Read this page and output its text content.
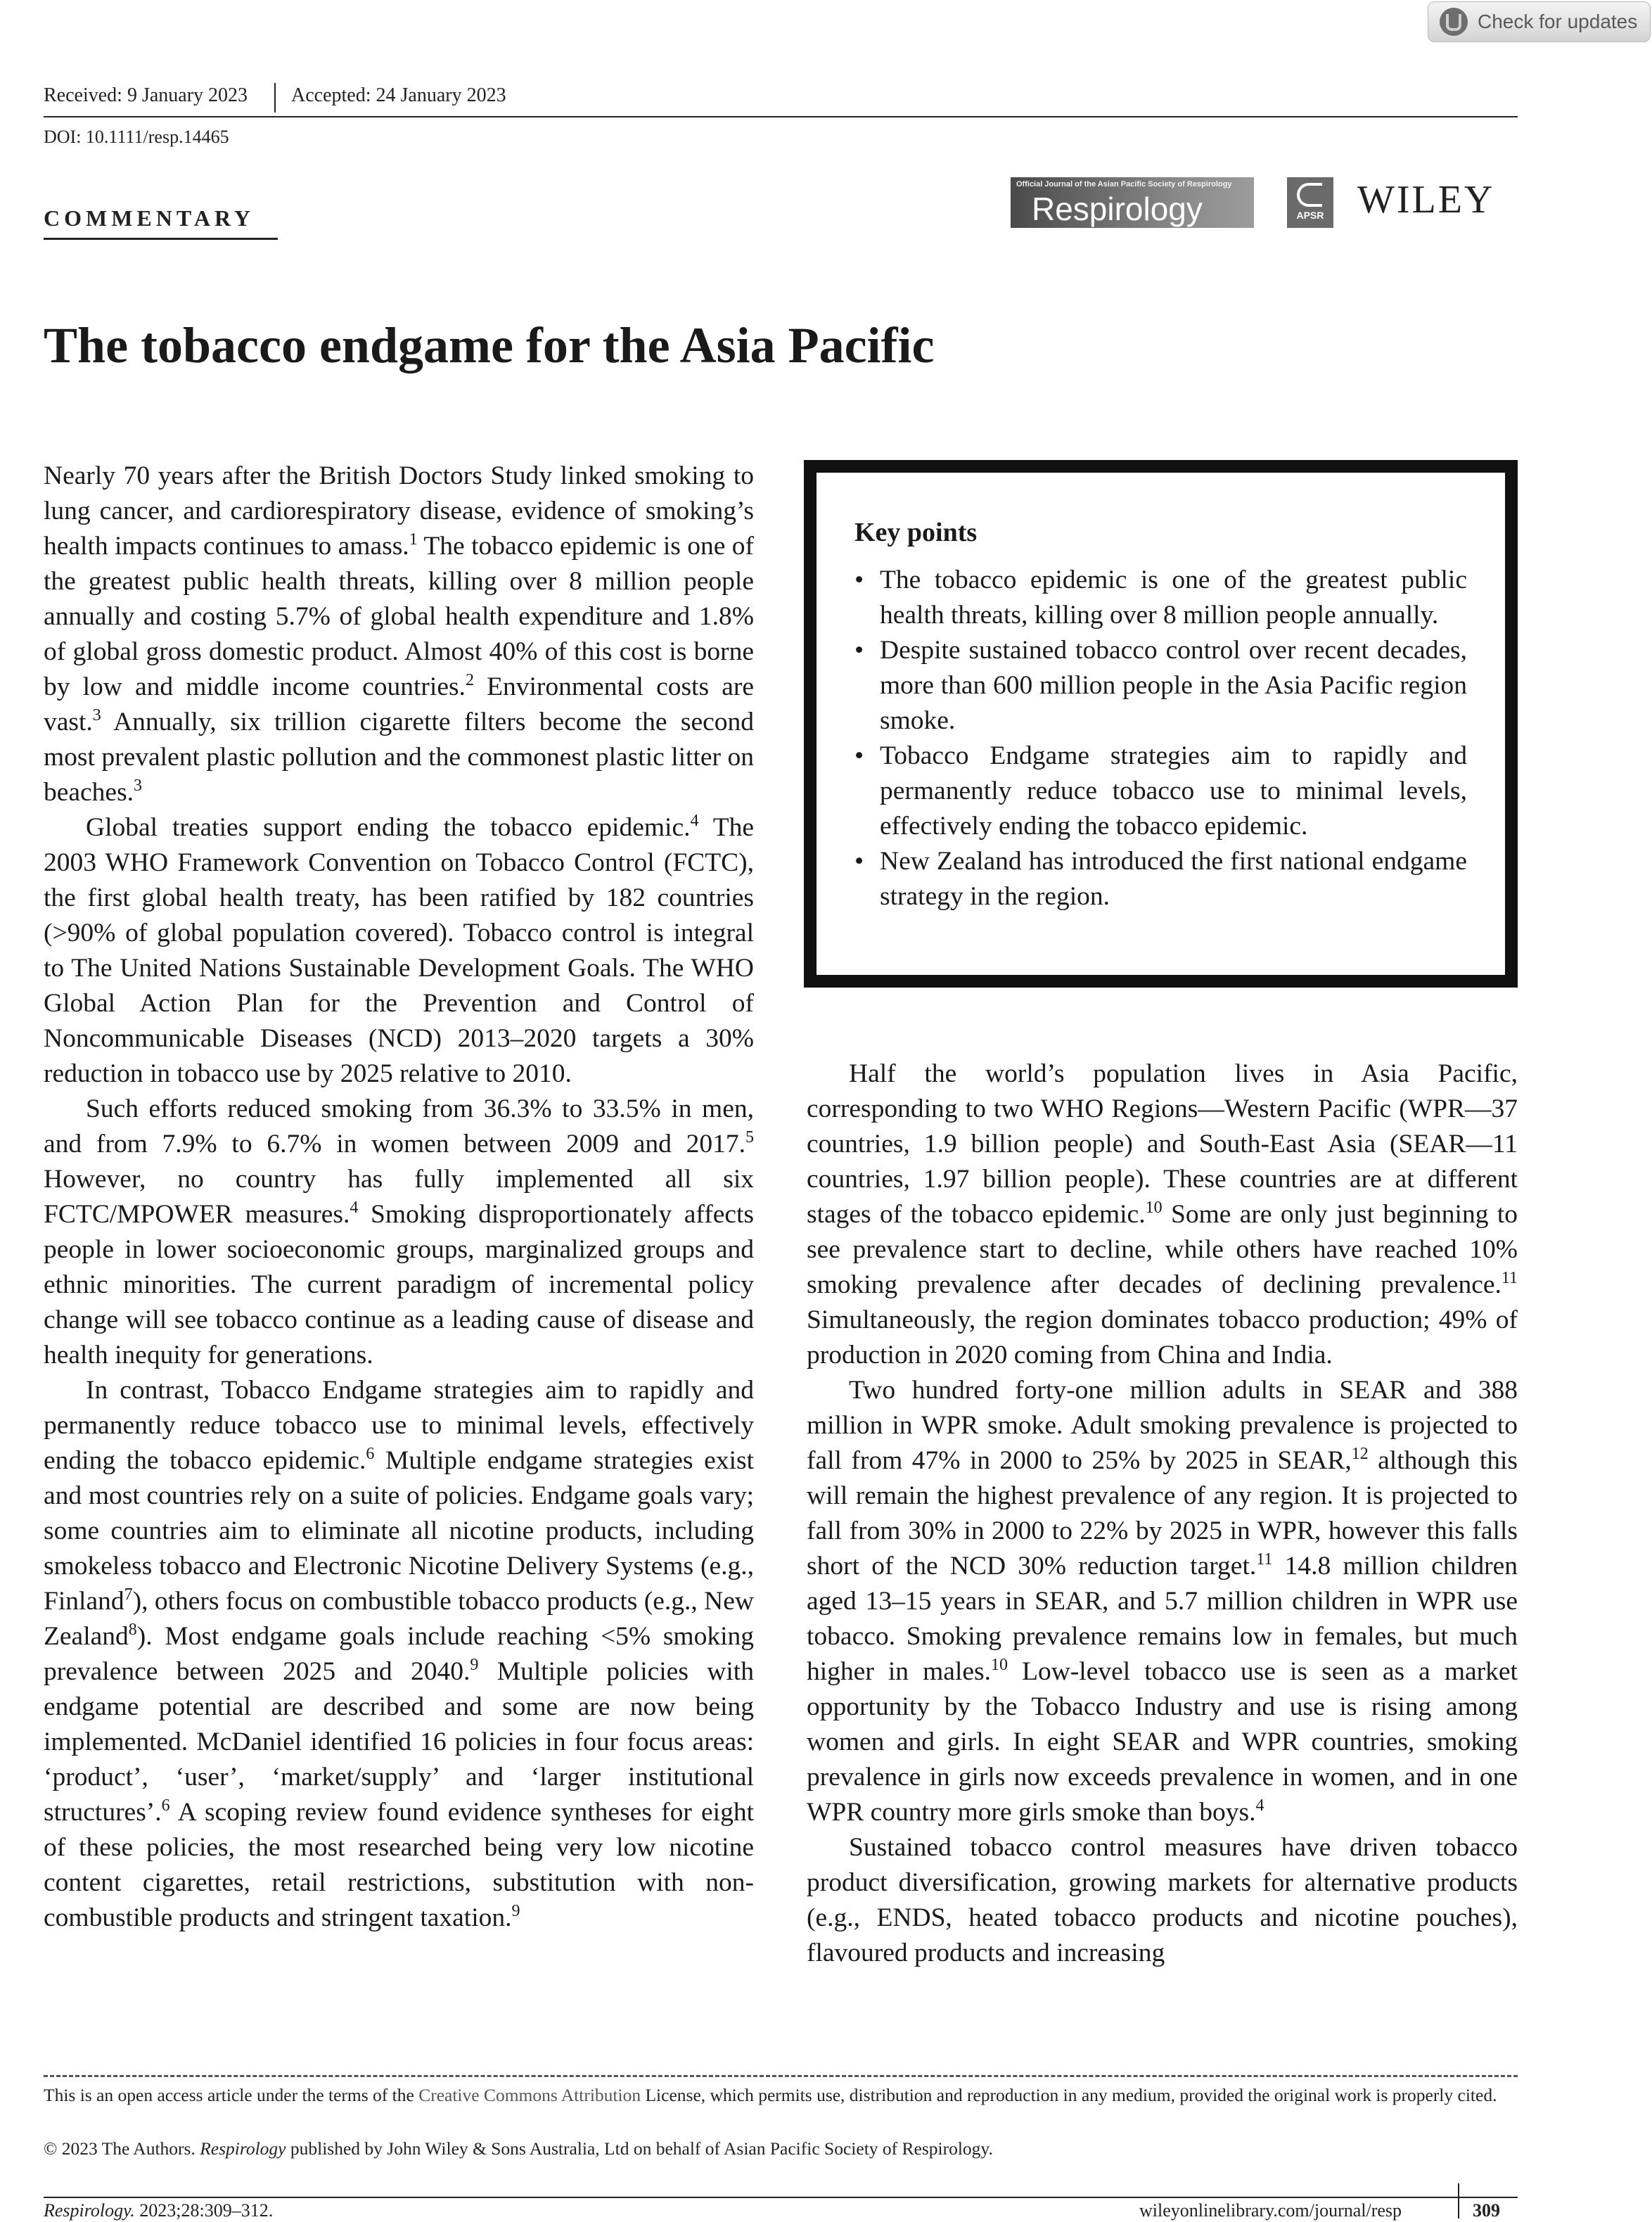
Check for updates
Received: 9 January 2023 Accepted: 24 January 2023
DOI: 10.1111/resp.14465
COMMENTARY
Official Journal of the Asian Pacific Society of Respirology
Respirology	APSR WILEY
The tobacco endgame for the Asia Pacific

Nearly 70 years after the British Doctors Study linked smoking to lung cancer, and cardiorespiratory disease, evidence of smoking’s health impacts continues to amass.$^1$ The tobacco epidemic is one of the greatest public health threats, killing over 8 million people annually and costing 5.7% of global health expenditure and 1.8% of global gross domestic product. Almost 40% of this cost is borne by low and middle income countries.$^2$ Environmental costs are vast.$^3$ Annually, six trillion cigarette filters become the second most prevalent plastic pollution and the commonest plastic litter on beaches.$^3$

Global treaties support ending the tobacco epidemic.$^4$ The 2003 WHO Framework Convention on Tobacco Control (FCTC), the first global health treaty, has been ratified by 182 countries (>90% of global population covered). Tobacco control is integral to The United Nations Sustainable Development Goals. The WHO Global Action Plan for the Prevention and Control of Noncommunicable Diseases (NCD) 2013–2020 targets a 30% reduction in tobacco use by 2025 relative to 2010.

Such efforts reduced smoking from 36.3% to 33.5% in men, and from 7.9% to 6.7% in women between 2009 and 2017.$^5$ However, no country has fully implemented all six FCTC/MPOWER measures.$^4$ Smoking disproportionately affects people in lower socioeconomic groups, marginalized groups and ethnic minorities. The current paradigm of incremental policy change will see tobacco continue as a leading cause of disease and health inequity for generations.

In contrast, Tobacco Endgame strategies aim to rapidly and permanently reduce tobacco use to minimal levels, effectively ending the tobacco epidemic.$^6$ Multiple endgame strategies exist and most countries rely on a suite of policies. Endgame goals vary; some countries aim to eliminate all nicotine products, including smokeless tobacco and Electronic Nicotine Delivery Systems (e.g., Finland$^7$), others focus on combustible tobacco products (e.g., New Zealand$^8$). Most endgame goals include reaching <5% smoking prevalence between 2025 and 2040.$^9$ Multiple policies with endgame potential are described and some are now being implemented. McDaniel identified 16 policies in four focus areas: ‘product’, ‘user’, ‘market/supply’ and ‘larger institutional structures’.$^6$ A scoping review found evidence syntheses for eight of these policies, the most researched being very low nicotine content cigarettes, retail restrictions, substitution with non-combustible products and stringent taxation.$^9$

Key points
• The tobacco epidemic is one of the greatest public health threats, killing over 8 million people annually.
• Despite sustained tobacco control over recent decades, more than 600 million people in the Asia Pacific region smoke.
• Tobacco Endgame strategies aim to rapidly and permanently reduce tobacco use to minimal levels, effectively ending the tobacco epidemic.
• New Zealand has introduced the first national endgame strategy in the region.

Half the world’s population lives in Asia Pacific, corresponding to two WHO Regions—Western Pacific (WPR—37 countries, 1.9 billion people) and South-East Asia (SEAR—11 countries, 1.97 billion people). These countries are at different stages of the tobacco epidemic.$^{10}$ Some are only just beginning to see prevalence start to decline, while others have reached 10% smoking prevalence after decades of declining prevalence.$^{11}$ Simultaneously, the region dominates tobacco production; 49% of production in 2020 coming from China and India.

Two hundred forty-one million adults in SEAR and 388 million in WPR smoke. Adult smoking prevalence is projected to fall from 47% in 2000 to 25% by 2025 in SEAR,$^{12}$ although this will remain the highest prevalence of any region. It is projected to fall from 30% in 2000 to 22% by 2025 in WPR, however this falls short of the NCD 30% reduction target.$^{11}$ 14.8 million children aged 13–15 years in SEAR, and 5.7 million children in WPR use tobacco. Smoking prevalence remains low in females, but much higher in males.$^{10}$ Low-level tobacco use is seen as a market opportunity by the Tobacco Industry and use is rising among women and girls. In eight SEAR and WPR countries, smoking prevalence in girls now exceeds prevalence in women, and in one WPR country more girls smoke than boys.$^4$

Sustained tobacco control measures have driven tobacco product diversification, growing markets for alternative products (e.g., ENDS, heated tobacco products and nicotine pouches), flavoured products and increasing

This is an open access article under the terms of the Creative Commons Attribution License, which permits use, distribution and reproduction in any medium, provided the original work is properly cited.
© 2023 The Authors. Respirology published by John Wiley & Sons Australia, Ltd on behalf of Asian Pacific Society of Respirology.
Respirology. 2023;28:309–312.	wileyonlinelibrary.com/journal/resp	309
